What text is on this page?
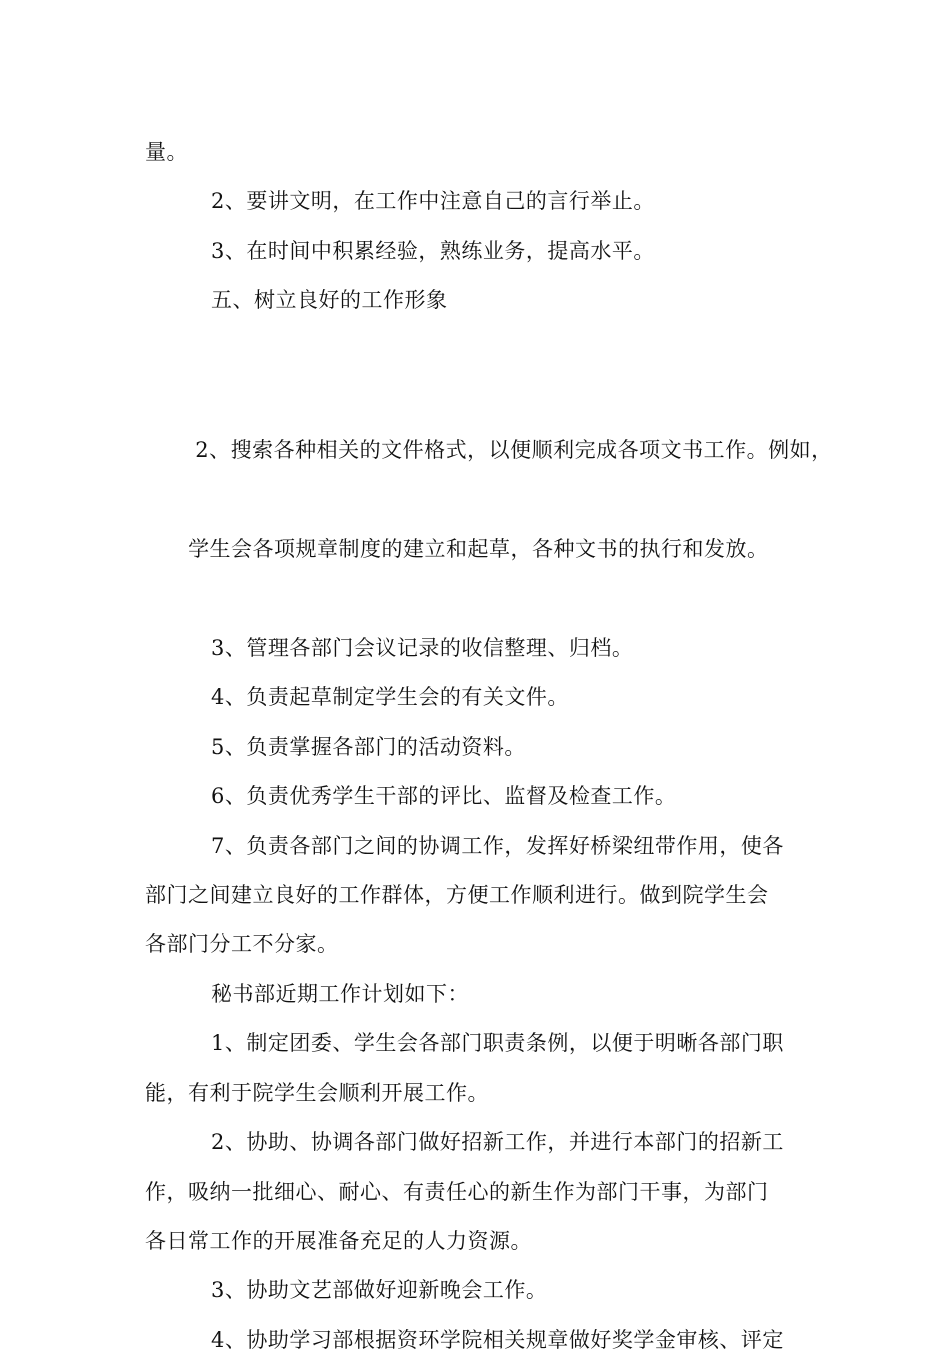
量。

2、要讲文明，在工作中注意自己的言行举止。

3、在时间中积累经验，熟练业务，提高水平。

五、树立良好的工作形象

2、搜索各种相关的文件格式，以便顺利完成各项文书工作。例如，

学生会各项规章制度的建立和起草，各种文书的执行和发放。

3、管理各部门会议记录的收信整理、归档。

4、负责起草制定学生会的有关文件。

5、负责掌握各部门的活动资料。

6、负责优秀学生干部的评比、监督及检查工作。

7、负责各部门之间的协调工作，发挥好桥梁纽带作用，使各
部门之间建立良好的工作群体，方便工作顺利进行。做到院学生会
各部门分工不分家。

秘书部近期工作计划如下：

1、制定团委、学生会各部门职责条例，以便于明晰各部门职
能，有利于院学生会顺利开展工作。

2、协助、协调各部门做好招新工作，并进行本部门的招新工
作，吸纳一批细心、耐心、有责任心的新生作为部门干事，为部门
各日常工作的开展准备充足的人力资源。

3、协助文艺部做好迎新晚会工作。

4、协助学习部根据资环学院相关规章做好奖学金审核、评定
